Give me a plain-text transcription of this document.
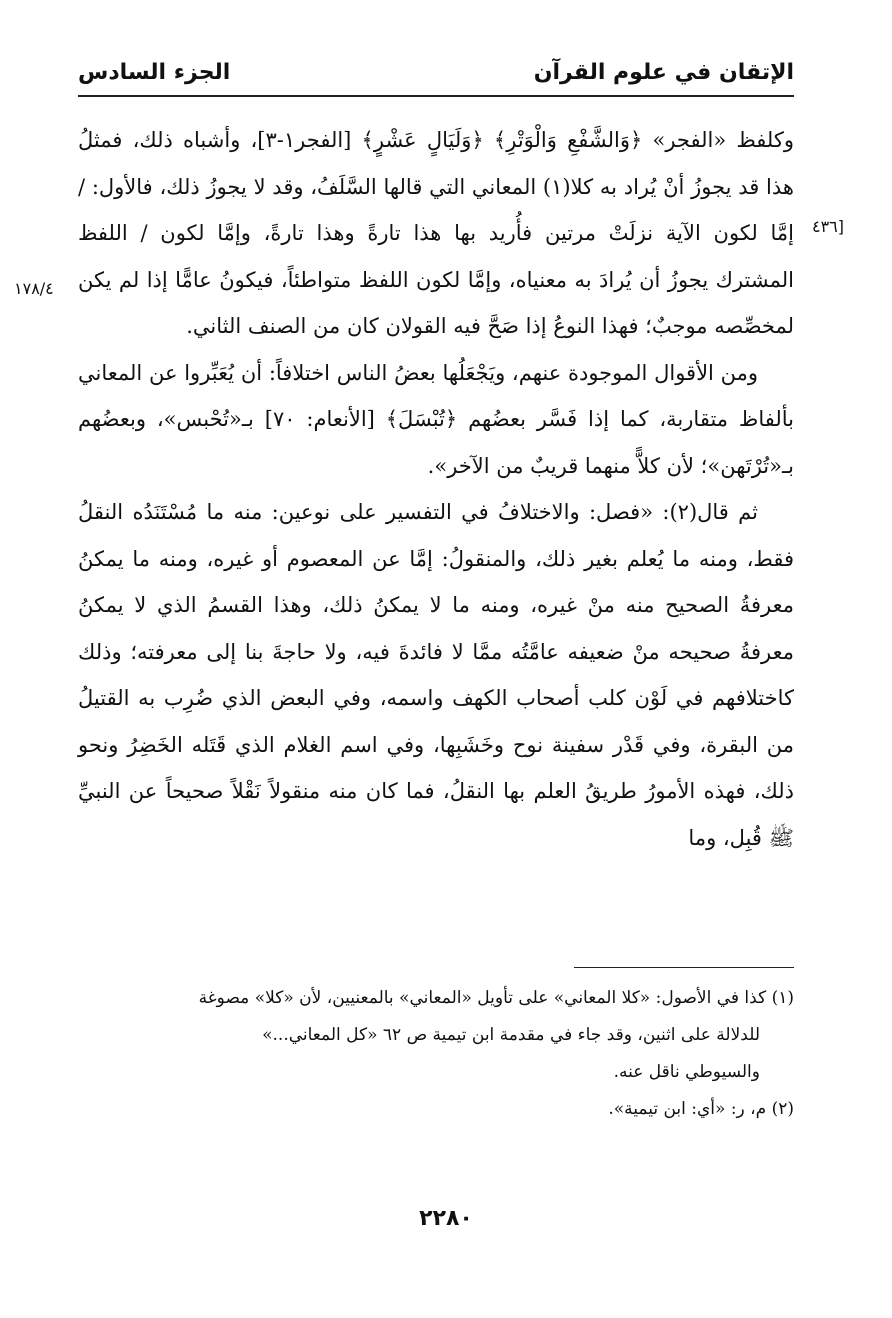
الإتقان في علوم القرآن
الجزء السادس
[٤٣٦
١٧٨/٤

وكلفظ «الفجر» ﴿وَالشَّفْعِ وَالْوَتْرِ﴾ ﴿وَلَيَالٍ عَشْرٍ﴾ [الفجر١-٣]، وأشباه ذلك، فمثلُ هذا قد يجوزُ أنْ يُراد به كلا(١) المعاني التي قالها السَّلَفُ، وقد لا يجوزُ ذلك، فالأول: / إمَّا لكون الآية نزلَتْ مرتين فأُريد بها هذا تارةً وهذا تارةً، وإمَّا لكون / اللفظ المشترك يجوزُ أن يُرادَ به معنياه، وإمَّا لكون اللفظ متواطئاً، فيكونُ عامًّا إذا لم يكن لمخصِّصه موجبٌ؛ فهذا النوعُ إذا صَحَّ فيه القولان كان من الصنف الثاني.

ومن الأقوال الموجودة عنهم، ويَجْعَلُها بعضُ الناس اختلافاً: أن يُعَبِّروا عن المعاني بألفاظ متقاربة، كما إذا فَسَّر بعضُهم ﴿تُبْسَلَ﴾ [الأنعام: ٧٠] بـ«تُحْبس»، وبعضُهم بـ«تُرْتَهن»؛ لأن كلاًّ منهما قريبٌ من الآخر».

ثم قال(٢): «فصل: والاختلافُ في التفسير على نوعين: منه ما مُسْتَنَدُه النقلُ فقط، ومنه ما يُعلم بغير ذلك، والمنقولُ: إمَّا عن المعصوم أو غيره، ومنه ما يمكنُ معرفةُ الصحيح منه منْ غيره، ومنه ما لا يمكنُ ذلك، وهذا القسمُ الذي لا يمكنُ معرفةُ صحيحه منْ ضعيفه عامَّتُه ممَّا لا فائدةَ فيه، ولا حاجةَ بنا إلى معرفته؛ وذلك كاختلافهم في لَوْن كلب أصحاب الكهف واسمه، وفي البعض الذي ضُرِب به القتيلُ من البقرة، وفي قَدْر سفينة نوح وخَشَبِها، وفي اسم الغلام الذي قَتَله الخَضِرُ ونحو ذلك، فهذه الأمورُ طريقُ العلم بها النقلُ، فما كان منه منقولاً نَقْلاً صحيحاً عن النبيِّ ﷺ قُبِل، وما

(١) كذا في الأصول: «كلا المعاني» على تأويل «المعاني» بالمعنيين، لأن «كلا» مصوغة

للدلالة على اثنين، وقد جاء في مقدمة ابن تيمية ص ٦٢ «كل المعاني...»

والسيوطي ناقل عنه.

(٢) م، ر: «أي: ابن تيمية».

٢٢٨٠
